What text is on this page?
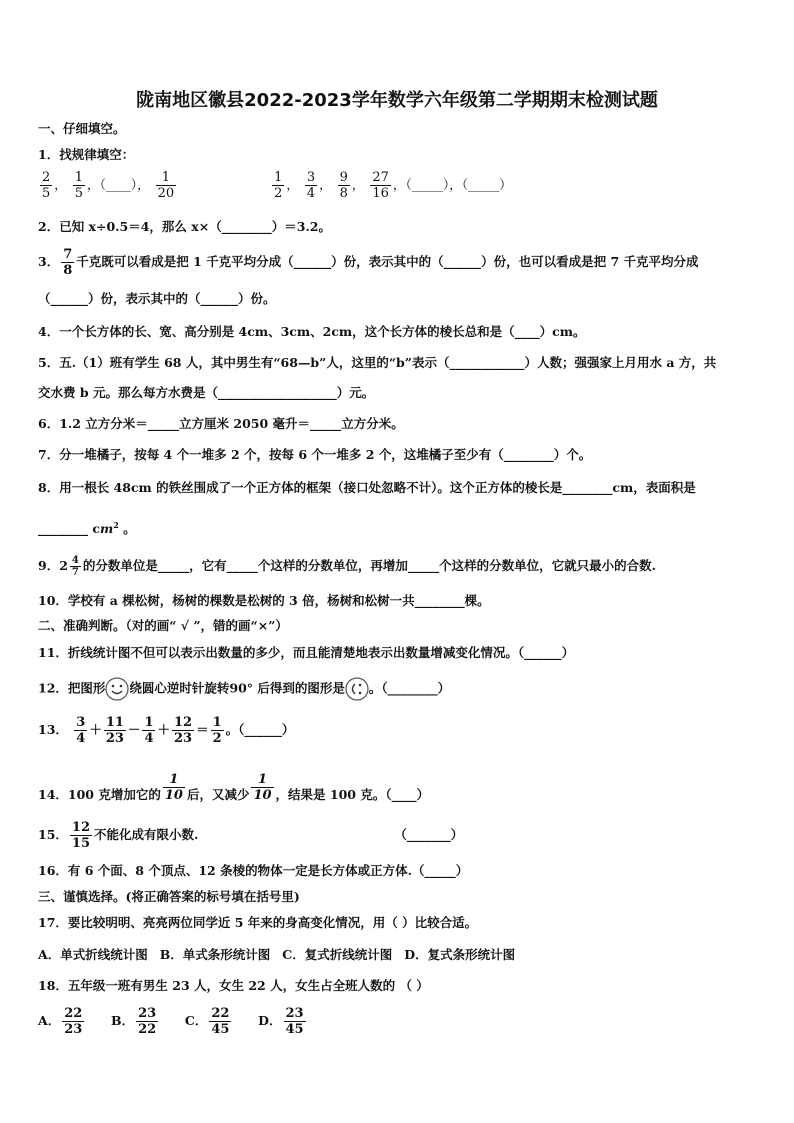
陇南地区徽县2022-2023学年数学六年级第二学期期末检测试题
一、仔细填空。
1．找规律填空：
$\frac{2}{5}$ ， $\frac{1}{5}$ ，（____）， $\frac{1}{20}$
	$\frac{1}{2}$ ， $\frac{3}{4}$ ， $\frac{9}{8}$ ， $\frac{27}{16}$ ，（_____），（_____）
2．已知 x÷0.5＝4，那么 x×（________）＝3.2。
3． $\frac{7}{8}$ 千克既可以看成是把 1 千克平均分成（______）份，表示其中的（______）份，也可以看成是把 7 千克平均分成
（______）份，表示其中的（______）份。
4．一个长方体的长、宽、高分别是 4cm、3cm、2cm，这个长方体的棱长总和是（____）cm。
5．五.（1）班有学生 68 人，其中男生有“68—b”人，这里的“b”表示（____________）人数；强强家上月用水 a 方，共
交水费 b 元。那么每方水费是（___________________）元。
6．1.2 立方分米＝_____立方厘米 2050 毫升＝_____立方分米。
7．分一堆橘子，按每 4 个一堆多 2 个，按每 6 个一堆多 2 个，这堆橘子至少有（________）个。
8．用一根长 48cm 的铁丝围成了一个正方体的框架（接口处忽略不计）。这个正方体的棱长是________cm，表面积是
________ $cm^2$ 。
9．$2 \frac{4}{7}$ 的分数单位是_____，它有_____个这样的分数单位，再增加_____个这样的分数单位，它就只最小的合数.
10．学校有 a 棵松树，杨树的棵数是松树的 3 倍，杨树和松树一共________棵。
二、准确判断。（对的画“ √ ”，错的画“×”）
11．折线统计图不但可以表示出数量的多少，而且能清楚地表示出数量增减变化情况。（______）
12．把图形 绕圆心逆时针旋转90° 后得到的图形是 。（________）
13． $\frac{3}{4} + \frac{11}{23} - \frac{1}{4} + \frac{12}{23} = \frac{1}{2}$ 。（______）
14．100 克增加它的 $\frac{1}{10}$ 后，又减少 $\frac{1}{10}$ ，结果是 100 克。（____）
15． $\frac{12}{15}$ 不能化成有限小数.	（_______）
16．有 6 个面、8 个顶点、12 条棱的物体一定是长方体或正方体.（_____）
三、谨慎选择。(将正确答案的标号填在括号里)
17．要比较明明、亮亮两位同学近 5 年来的身高变化情况，用（ ）比较合适。
A．单式折线统计图 B．单式条形统计图 C．复式折线统计图 D．复式条形统计图
18．五年级一班有男生 23 人，女生 22 人，女生占全班人数的 （ ）
A． $\frac{22}{23}$ B． $\frac{23}{22}$ C． $\frac{22}{45}$ D． $\frac{23}{45}$
